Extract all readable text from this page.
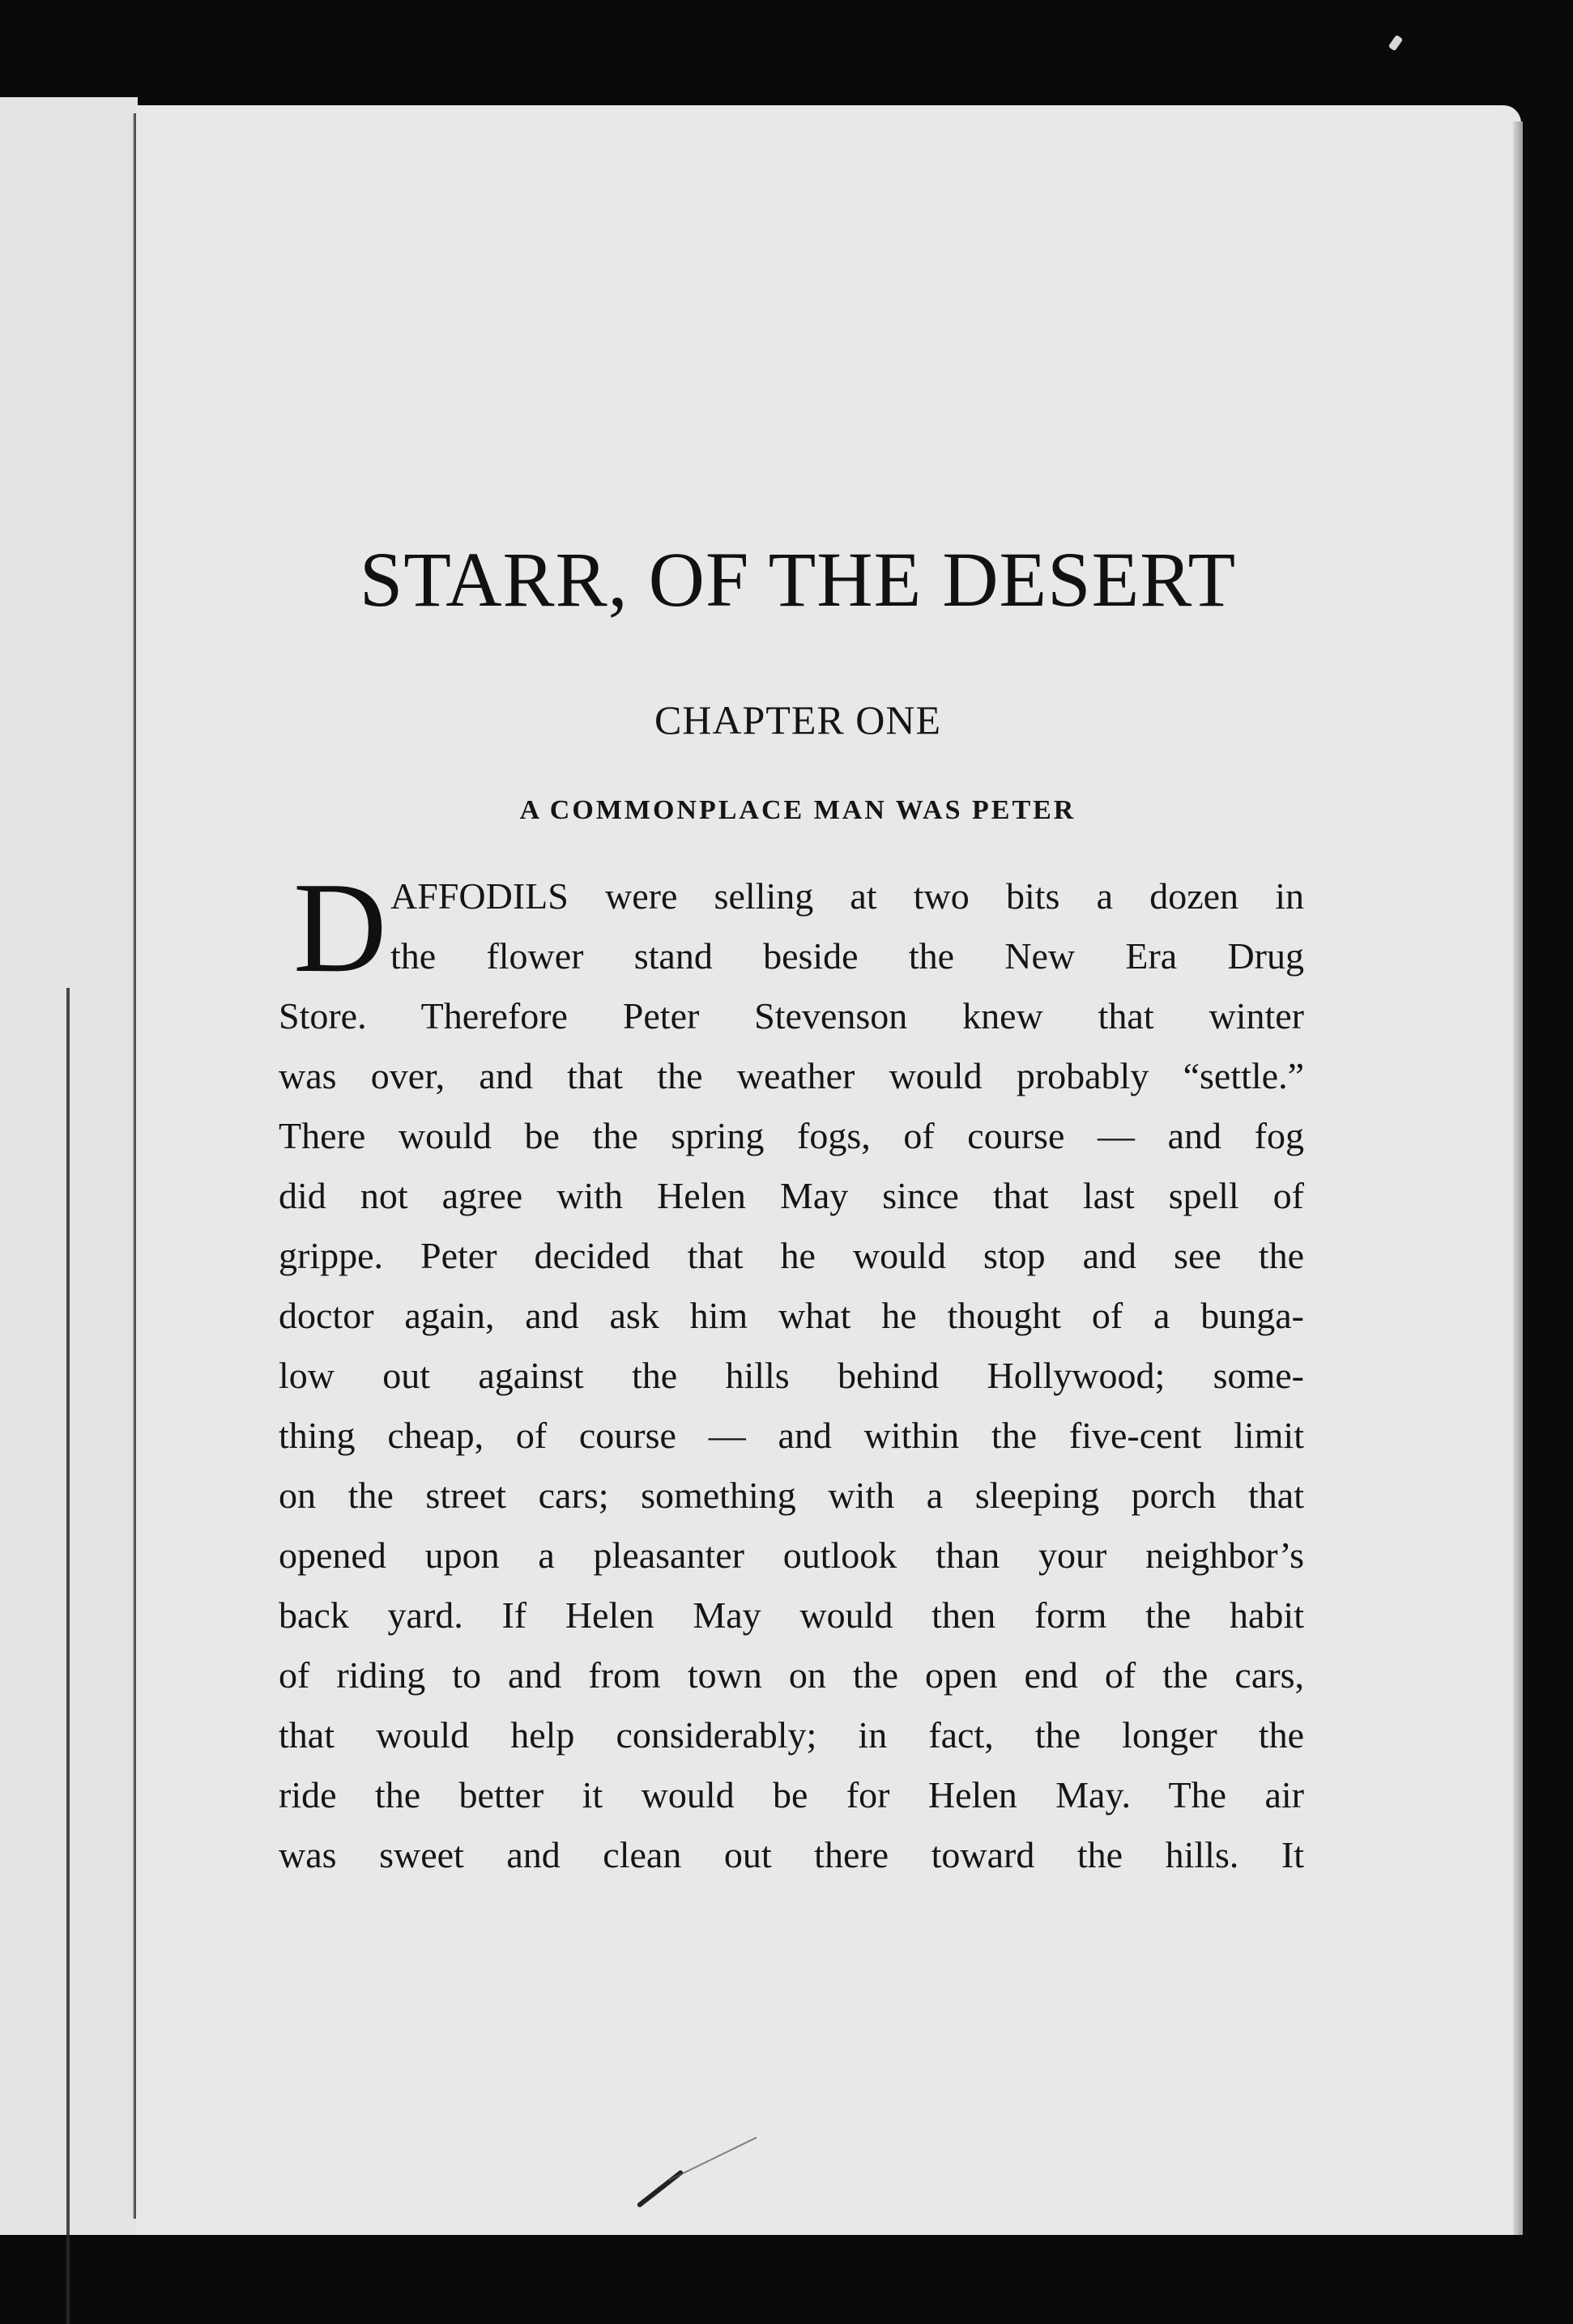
STARR, OF THE DESERT
CHAPTER ONE
A COMMONPLACE MAN WAS PETER
D AFFODILS were selling at two bits a dozen in
the flower stand beside the New Era Drug
Store. Therefore Peter Stevenson knew that winter
was over, and that the weather would probably “settle.”
There would be the spring fogs, of course — and fog
did not agree with Helen May since that last spell of
grippe. Peter decided that he would stop and see the
doctor again, and ask him what he thought of a bunga-
low out against the hills behind Hollywood; some-
thing cheap, of course — and within the five-cent limit
on the street cars; something with a sleeping porch that
opened upon a pleasanter outlook than your neighbor’s
back yard. If Helen May would then form the habit
of riding to and from town on the open end of the cars,
that would help considerably; in fact, the longer the
ride the better it would be for Helen May. The air
was sweet and clean out there toward the hills. It
